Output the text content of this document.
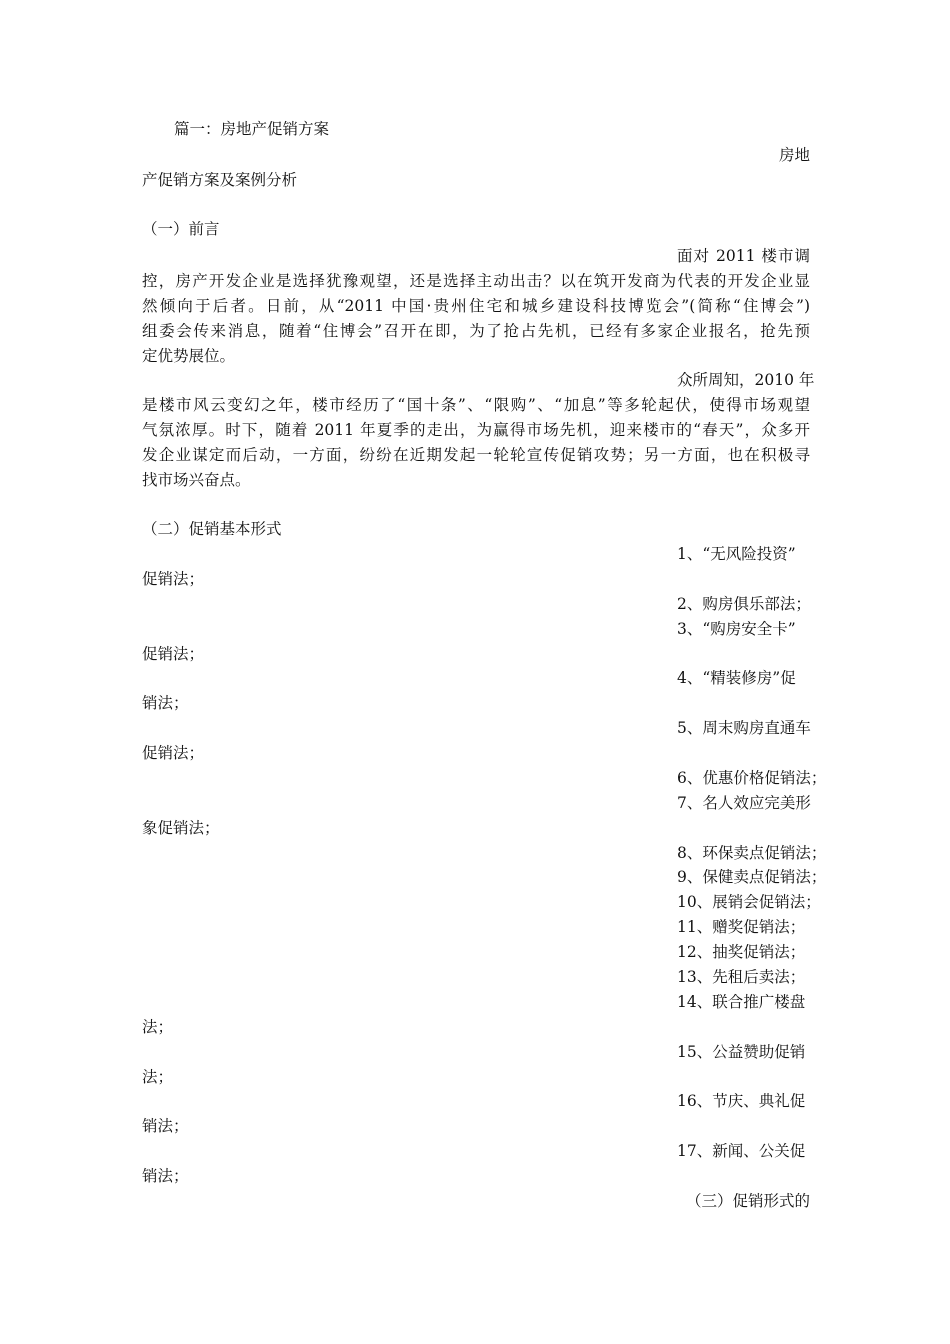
篇一：房地产促销方案
房地
产促销方案及案例分析
（一）前言
面对 2011 楼市调
控，房产开发企业是选择犹豫观望，还是选择主动出击？以在筑开发商为代表的开发企业显
然倾向于后者。日前，从“2011 中国·贵州住宅和城乡建设科技博览会”(简称“住博会”)
组委会传来消息，随着“住博会”召开在即，为了抢占先机，已经有多家企业报名，抢先预
定优势展位。
众所周知，2010 年
是楼市风云变幻之年，楼市经历了“国十条”、“限购”、“加息”等多轮起伏，使得市场观望
气氛浓厚。时下，随着 2011 年夏季的走出，为赢得市场先机，迎来楼市的“春天”，众多开
发企业谋定而后动，一方面，纷纷在近期发起一轮轮宣传促销攻势；另一方面，也在积极寻
找市场兴奋点。
（二）促销基本形式
1、“无风险投资”
促销法；
2、购房俱乐部法；
3、“购房安全卡”
促销法；
4、“精装修房”促
销法；
5、周末购房直通车
促销法；
6、优惠价格促销法；
7、名人效应完美形
象促销法；
8、环保卖点促销法；
9、保健卖点促销法；
10、展销会促销法；
11、赠奖促销法；
12、抽奖促销法；
13、先租后卖法；
14、联合推广楼盘
法；
15、公益赞助促销
法；
16、节庆、典礼促
销法；
17、新闻、公关促
销法；
（三）促销形式的
